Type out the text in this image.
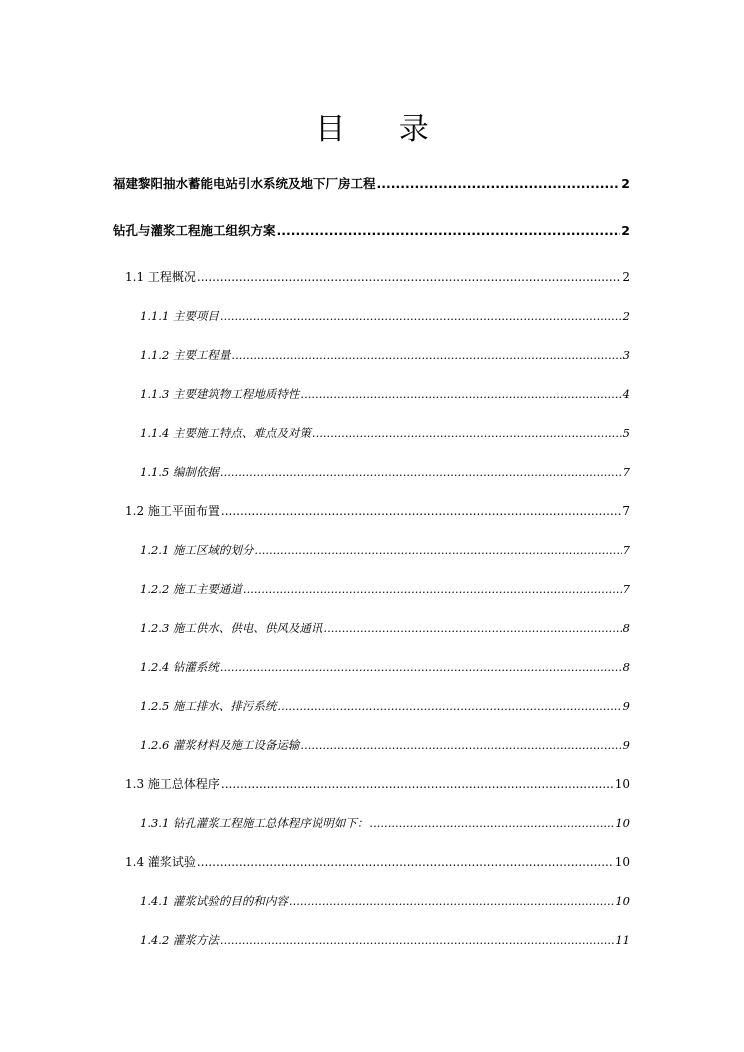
目 录
福建黎阳抽水蓄能电站引水系统及地下厂房工程 .....	2
钻孔与灌浆工程施工组织方案 .....	2
1.1 工程概况 .....	2
1.1.1 主要项目 .....	2
1.1.2 主要工程量 .....	3
1.1.3 主要建筑物工程地质特性 .....	4
1.1.4 主要施工特点、难点及对策 .....	5
1.1.5 编制依据 .....	7
1.2 施工平面布置 .....	7
1.2.1 施工区域的划分 .....	7
1.2.2 施工主要通道 .....	7
1.2.3 施工供水、供电、供风及通讯 .....	8
1.2.4 钻灌系统 .....	8
1.2.5 施工排水、排污系统 .....	9
1.2.6 灌浆材料及施工设备运输 .....	9
1.3 施工总体程序 .....	10
1.3.1 钻孔灌浆工程施工总体程序说明如下： .....	10
1.4 灌浆试验 .....	10
1.4.1 灌浆试验的目的和内容 .....	10
1.4.2 灌浆方法 .....	11
